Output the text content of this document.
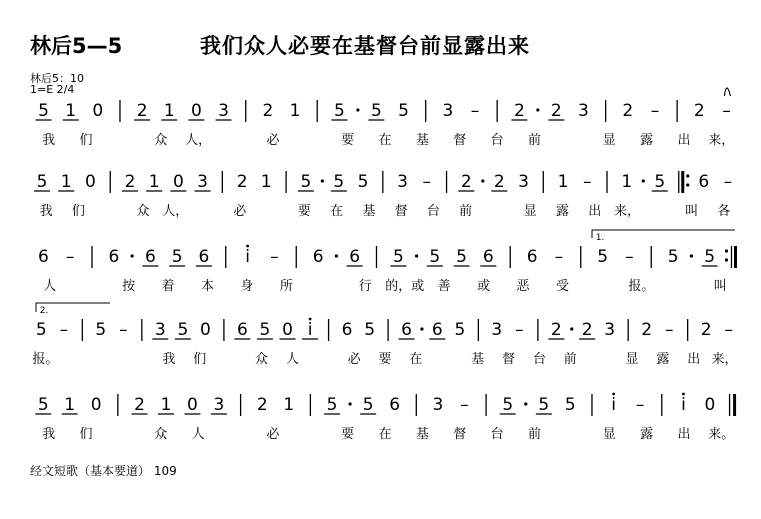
林后5—5	我们众人必要在基督台前显露出来
林后5：10
1=E 2/4
5 1 0 2 1 0 3 2 1 5 5 5 3 – 2 2 3 2 – 2 –
我 们	众 人，	必	要 在 基 督 台 前	显 露 出 来，
5 1 0 2 1 0 3 2 1 5 5 5 3 – 2 2 3 1 – 1 5 6 –
我 们	众 人，	必	要 在 基 督 台 前	显 露 出 来，	叫 各
6 – 6 6 5 6 i – 6 6 5 5 5 6 6 – 5 – 5 5
人	按 着 本 身 所	行 的，或 善 或 恶 受	报。	叫
5 – 5 – 3 5 0 6 5 0 i 6 5 6 6 5 3 – 2 2 3 2 – 2 –
报。	我 们	众 人	必 要 在	基 督 台 前	显 露 出 来，
5 1 0 2 1 0 3 2 1 5 5 6 3 – 5 5 5 i – i 0
我 们	众 人	必	要 在 基 督 台 前	显 露 出 来。
1.
2.
经文短歌（基本要道） 109
